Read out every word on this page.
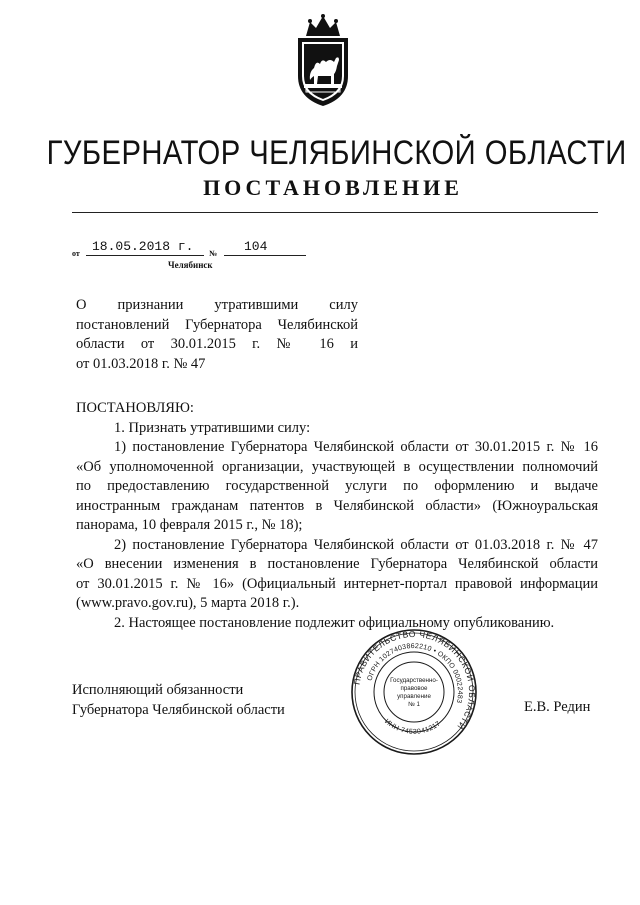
ГУБЕРНАТОР ЧЕЛЯБИНСКОЙ ОБЛАСТИ
ПОСТАНОВЛЕНИЕ
от 18.05.2018 г.	№	104
Челябинск
О признании утратившими силу
постановлений Губернатора Челябинской
области от 30.01.2015 г. № 16 и
от 01.03.2018 г. № 47
ПОСТАНОВЛЯЮ:
1. Признать утратившими силу:
1) постановление Губернатора Челябинской области от 30.01.2015 г. № 16
«Об уполномоченной организации, участвующей в осуществлении полномочий
по предоставлению государственной услуги по оформлению и выдаче
иностранным гражданам патентов в Челябинской области» (Южноуральская
панорама, 10 февраля 2015 г., № 18);
2) постановление Губернатора Челябинской области от 01.03.2018 г. № 47
«О внесении изменения в постановление Губернатора Челябинской области
от 30.01.2015 г. № 16» (Официальный интернет-портал правовой информации
(www.pravo.gov.ru), 5 марта 2018 г.).
2. Настоящее постановление подлежит официальному опубликованию.
Исполняющий обязанности
Губернатора Челябинской области	Е.В. Редин
ПРАВИТЕЛЬСТВО ЧЕЛЯБИНСКОЙ ОБЛАСТИ
ОГРН 1027403862210 • ОКПО 00022483
ИНН 7453041217
Государственно-
правовое
управление
№ 1
